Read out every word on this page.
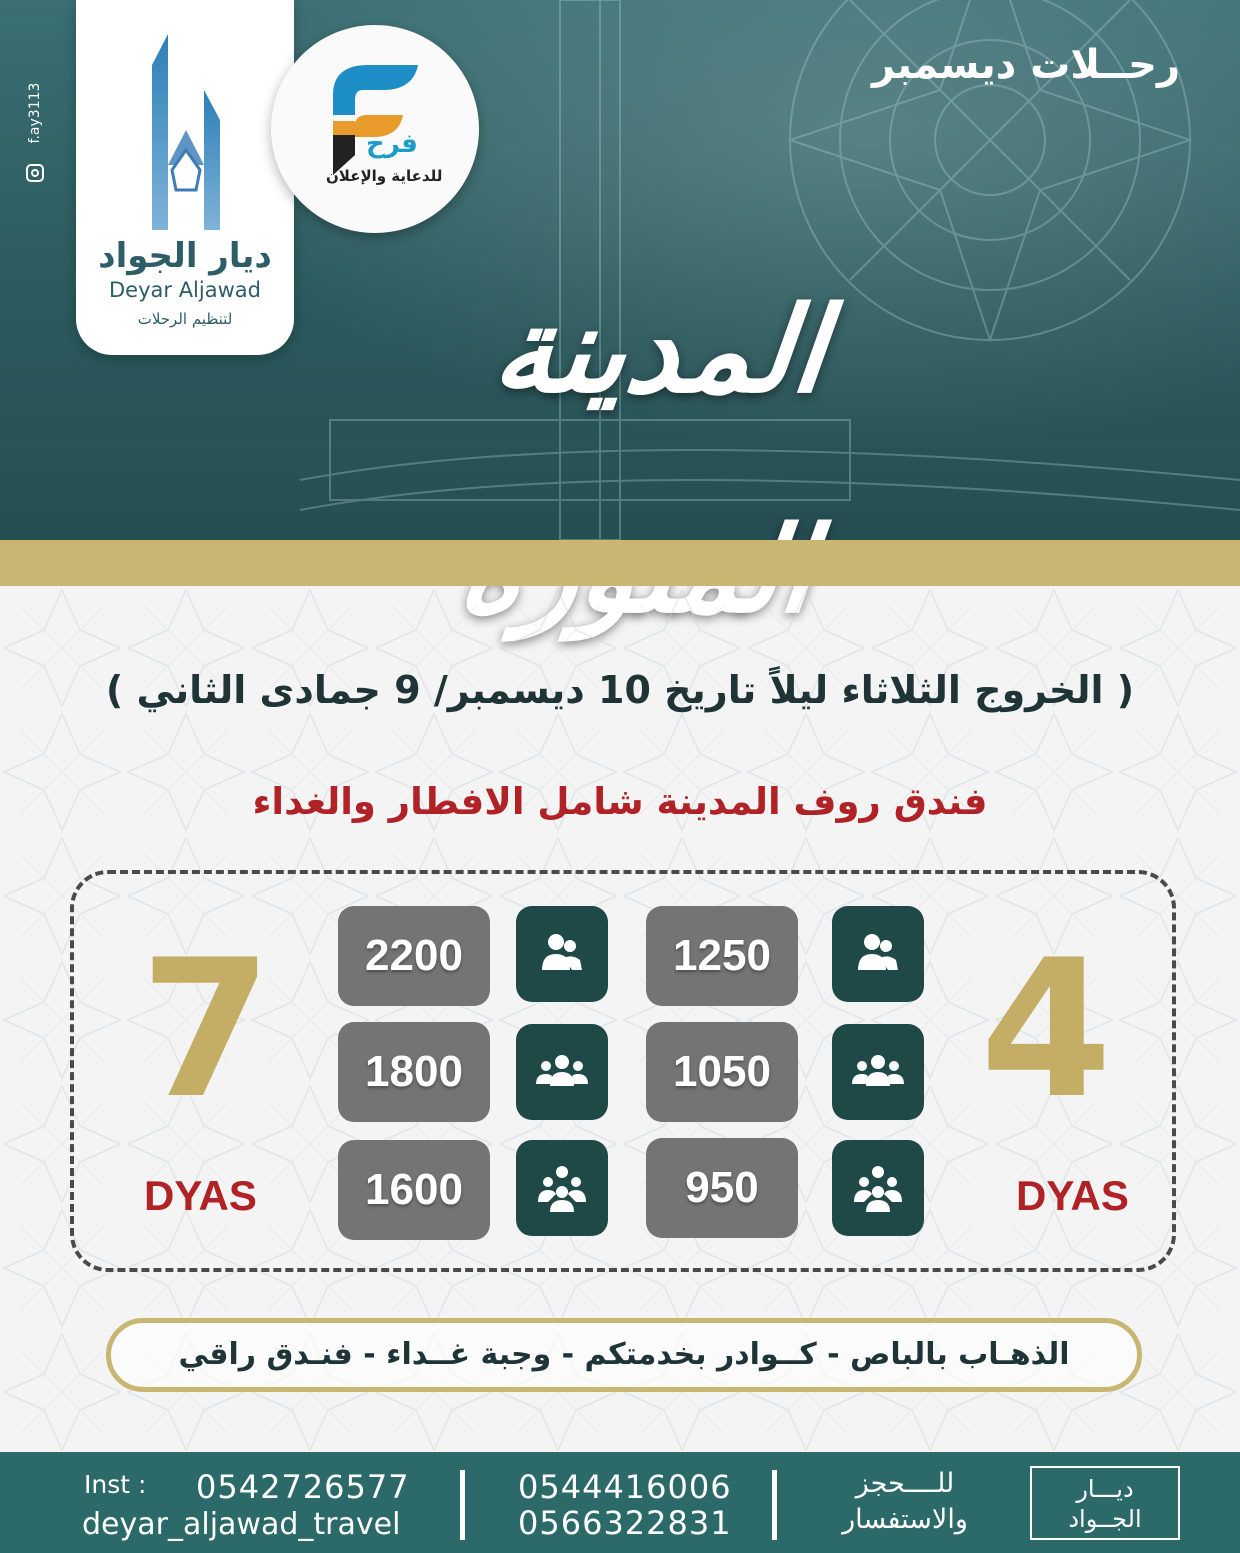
f.ay3113
ديار الجواد
Deyar Aljawad
لتنظيم الرحلات
فرح
للدعاية والإعلان
رحــلات ديسمبر
المدينة
( الخروج الثلاثاء ليلاً تاريخ 10 ديسمبر/ 9 جمادى الثاني )
فندق روف المدينة شامل الافطار والغداء
4
DYAS
1250
1050
950
7
DYAS
2200
1800
1600
الذهـاب بالباص - كــوادر بخدمتكم - وجبة غــداء - فنـدق راقي
Inst : 0542726577
deyar_aljawad_travel
0544416006
0566322831
للــــحجز
والاستفسار
ديـــار
الجــواد
